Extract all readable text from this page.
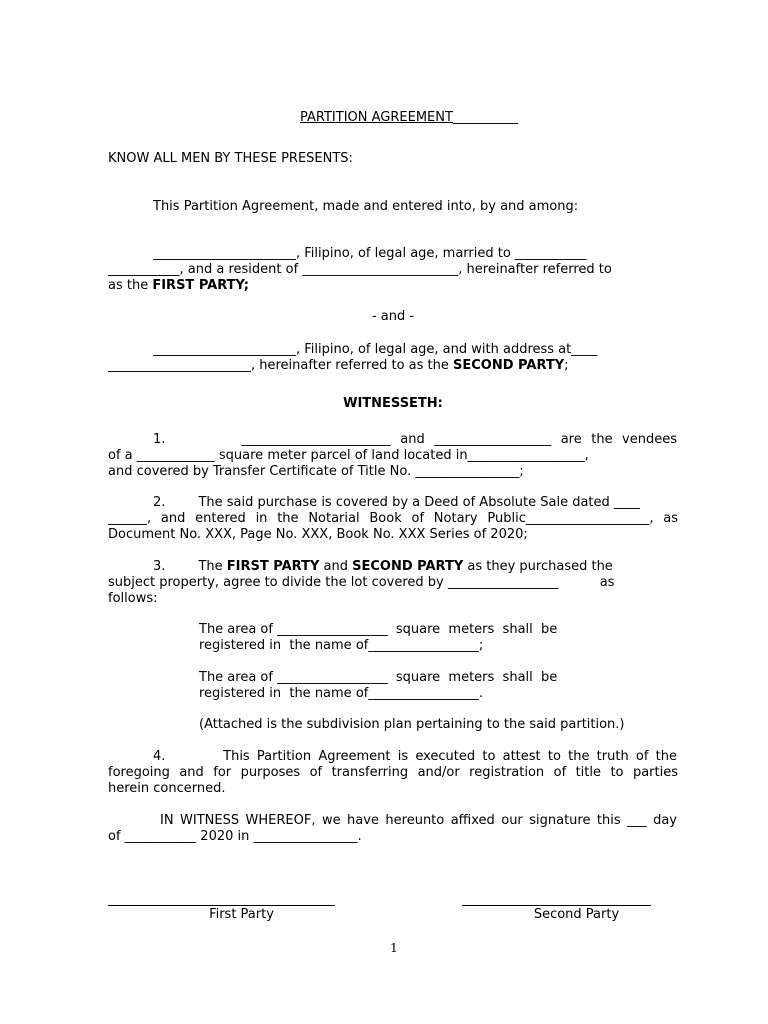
PARTITION AGREEMENT__________
KNOW ALL MEN BY THESE PRESENTS:
This Partition Agreement, made and entered into, by and among:
______________________, Filipino, of legal age, married to ___________
___________, and a resident of ________________________, hereinafter referred to
as the FIRST PARTY;
- and -
______________________, Filipino, of legal age, and with address at____
______________________, hereinafter referred to as the SECOND PARTY;
WITNESSETH:
1.        _______________________ and __________________ are the vendees
of a ____________ square meter parcel of land located in__________________,
and covered by Transfer Certificate of Title No. ________________;
2.        The said purchase is covered by a Deed of Absolute Sale dated ____
______, and entered in the Notarial Book of Notary Public___________________, as
Document No. XXX, Page No. XXX, Book No. XXX Series of 2020;
3.        The FIRST PARTY and SECOND PARTY as they purchased the
subject property, agree to divide the lot covered by _________________          as
follows:
The area of _________________  square  meters  shall  be
registered in  the name of_________________;
The area of _________________  square  meters  shall  be
registered in  the name of_________________.
(Attached is the subdivision plan pertaining to the said partition.)
4.        This Partition Agreement is executed to attest to the truth of the
foregoing and for purposes of transferring and/or registration of title to parties
herein concerned.
IN WITNESS WHEREOF, we have hereunto affixed our signature this ___ day
of ___________ 2020 in ________________.
First Party	Second Party
1
